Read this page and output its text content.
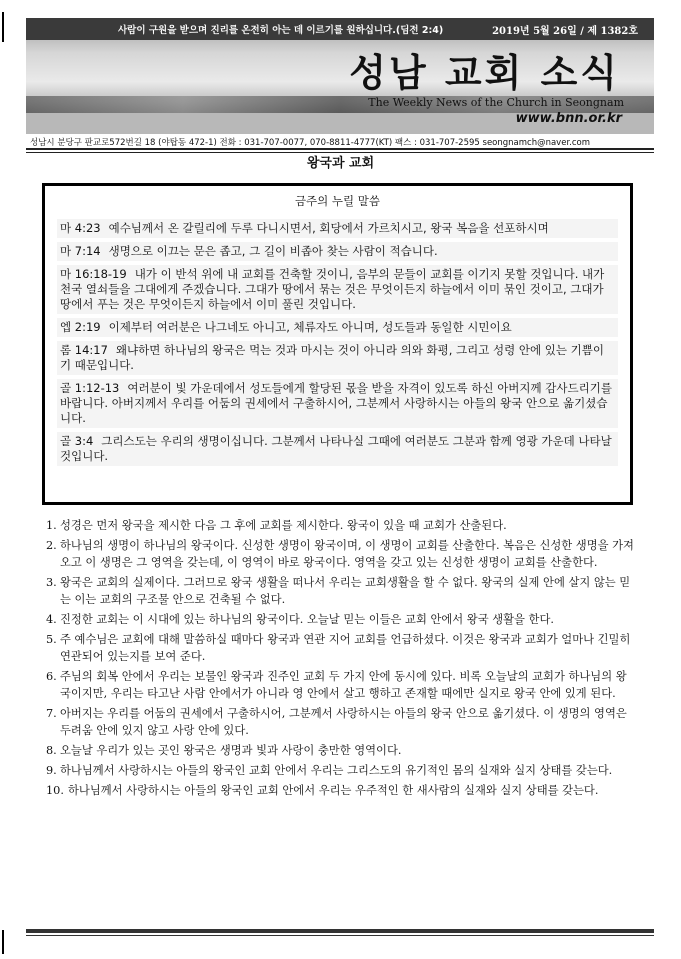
사람이 구원을 받으며 진리를 온전히 아는 데 이르기를 원하십니다.(딤전 2:4)	2019년 5월 26일 / 제 1382호
성남 교회 소식
The Weekly News of the Church in Seongnam
www.bnn.or.kr
성남시 분당구 판교로572번길 18 (야탑동 472-1) 전화 : 031-707-0077, 070-8811-4777(KT) 팩스 : 031-707-2595 seongnamch@naver.com
왕국과 교회
금주의 누릴 말씀
마 4:23 예수님께서 온 갈릴리에 두루 다니시면서, 회당에서 가르치시고, 왕국 복음을 선포하시며
마 7:14 생명으로 이끄는 문은 좁고, 그 길이 비좁아 찾는 사람이 적습니다.
마 16:18-19 내가 이 반석 위에 내 교회를 건축할 것이니, 음부의 문들이 교회를 이기지 못할 것입니다. 내가 천국 열쇠들을 그대에게 주겠습니다. 그대가 땅에서 묶는 것은 무엇이든지 하늘에서 이미 묶인 것이고, 그대가 땅에서 푸는 것은 무엇이든지 하늘에서 이미 풀린 것입니다.
엡 2:19 이제부터 여러분은 나그네도 아니고, 체류자도 아니며, 성도들과 동일한 시민이요
롬 14:17 왜냐하면 하나님의 왕국은 먹는 것과 마시는 것이 아니라 의와 화평, 그리고 성령 안에 있는 기쁨이기 때문입니다.
골 1:12-13 여러분이 빛 가운데에서 성도들에게 할당된 몫을 받을 자격이 있도록 하신 아버지께 감사드리기를 바랍니다. 아버지께서 우리를 어둠의 권세에서 구출하시어, 그분께서 사랑하시는 아들의 왕국 안으로 옮기셨습니다.
골 3:4 그리스도는 우리의 생명이십니다. 그분께서 나타나실 그때에 여러분도 그분과 함께 영광 가운데 나타날 것입니다.
1. 성경은 먼저 왕국을 제시한 다음 그 후에 교회를 제시한다. 왕국이 있을 때 교회가 산출된다.
2. 하나님의 생명이 하나님의 왕국이다. 신성한 생명이 왕국이며, 이 생명이 교회를 산출한다. 복음은 신성한 생명을 가져오고 이 생명은 그 영역을 갖는데, 이 영역이 바로 왕국이다. 영역을 갖고 있는 신성한 생명이 교회를 산출한다.
3. 왕국은 교회의 실제이다. 그러므로 왕국 생활을 떠나서 우리는 교회생활을 할 수 없다. 왕국의 실제 안에 살지 않는 믿는 이는 교회의 구조물 안으로 건축될 수 없다.
4. 진정한 교회는 이 시대에 있는 하나님의 왕국이다. 오늘날 믿는 이들은 교회 안에서 왕국 생활을 한다.
5. 주 예수님은 교회에 대해 말씀하실 때마다 왕국과 연관 지어 교회를 언급하셨다. 이것은 왕국과 교회가 얼마나 긴밀히 연관되어 있는지를 보여 준다.
6. 주님의 회복 안에서 우리는 보물인 왕국과 진주인 교회 두 가지 안에 동시에 있다. 비록 오늘날의 교회가 하나님의 왕국이지만, 우리는 타고난 사람 안에서가 아니라 영 안에서 살고 행하고 존재할 때에만 실지로 왕국 안에 있게 된다.
7. 아버지는 우리를 어둠의 권세에서 구출하시어, 그분께서 사랑하시는 아들의 왕국 안으로 옮기셨다. 이 생명의 영역은 두려움 안에 있지 않고 사랑 안에 있다.
8. 오늘날 우리가 있는 곳인 왕국은 생명과 빛과 사랑이 충만한 영역이다.
9. 하나님께서 사랑하시는 아들의 왕국인 교회 안에서 우리는 그리스도의 유기적인 몸의 실재와 실지 상태를 갖는다.
10. 하나님께서 사랑하시는 아들의 왕국인 교회 안에서 우리는 우주적인 한 새사람의 실재와 실지 상태를 갖는다.
